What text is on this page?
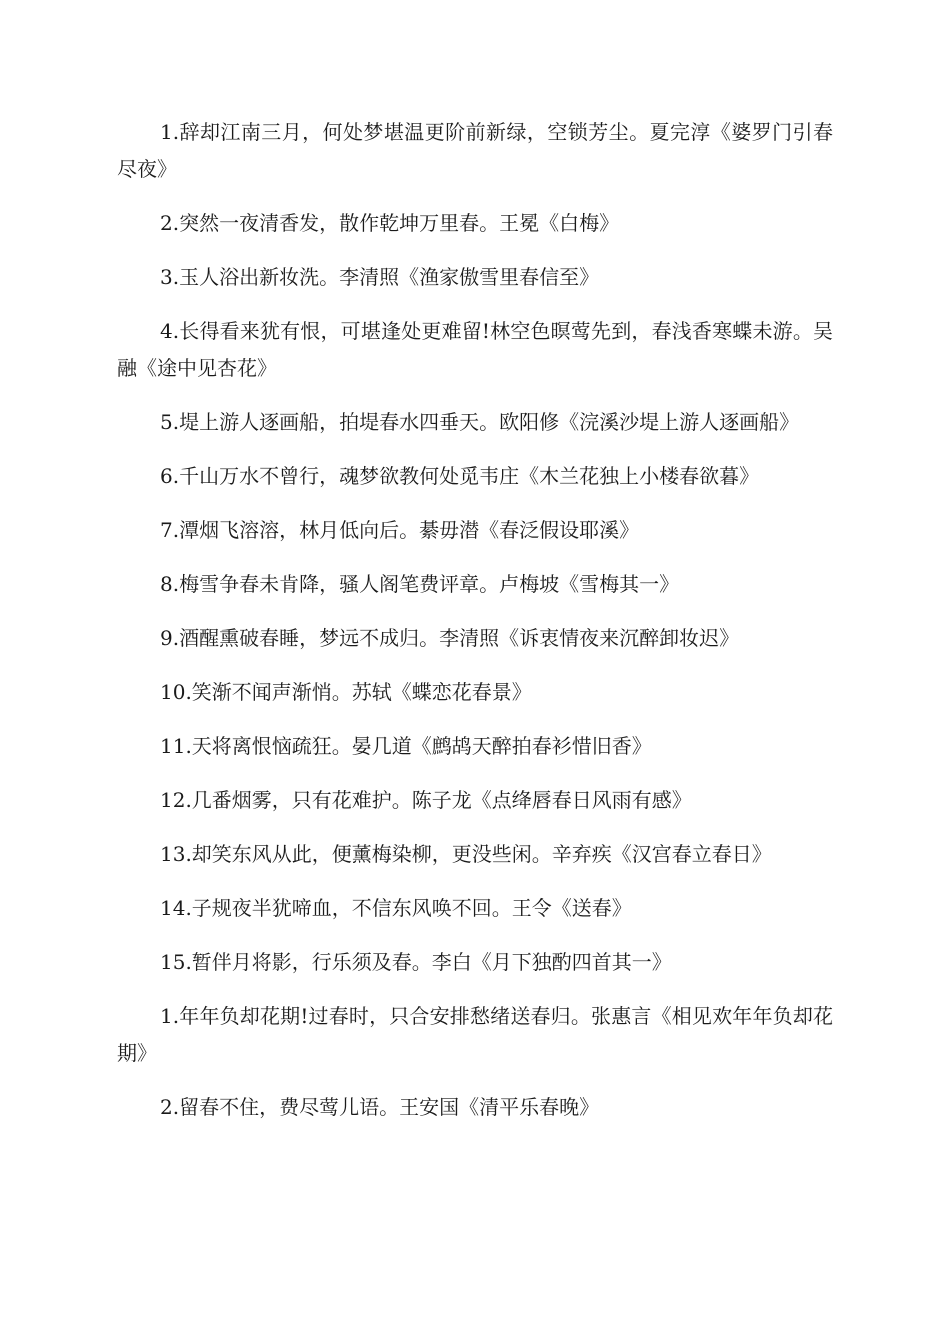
1.辞却江南三月，何处梦堪温更阶前新绿，空锁芳尘。夏完淳《婆罗门引春尽夜》

2.突然一夜清香发，散作乾坤万里春。王冕《白梅》

3.玉人浴出新妆洗。李清照《渔家傲雪里春信至》

4.长得看来犹有恨，可堪逢处更难留!林空色暝莺先到，春浅香寒蝶未游。吴融《途中见杏花》

5.堤上游人逐画船，拍堤春水四垂天。欧阳修《浣溪沙堤上游人逐画船》

6.千山万水不曾行，魂梦欲教何处觅韦庄《木兰花独上小楼春欲暮》

7.潭烟飞溶溶，林月低向后。綦毋潜《春泛假设耶溪》

8.梅雪争春未肯降，骚人阁笔费评章。卢梅坡《雪梅其一》

9.酒醒熏破春睡，梦远不成归。李清照《诉衷情夜来沉醉卸妆迟》

10.笑渐不闻声渐悄。苏轼《蝶恋花春景》

11.天将离恨恼疏狂。晏几道《鹧鸪天醉拍春衫惜旧香》

12.几番烟雾，只有花难护。陈子龙《点绛唇春日风雨有感》

13.却笑东风从此，便薰梅染柳，更没些闲。辛弃疾《汉宫春立春日》

14.子规夜半犹啼血，不信东风唤不回。王令《送春》

15.暂伴月将影，行乐须及春。李白《月下独酌四首其一》

1.年年负却花期!过春时，只合安排愁绪送春归。张惠言《相见欢年年负却花期》

2.留春不住，费尽莺儿语。王安国《清平乐春晚》
